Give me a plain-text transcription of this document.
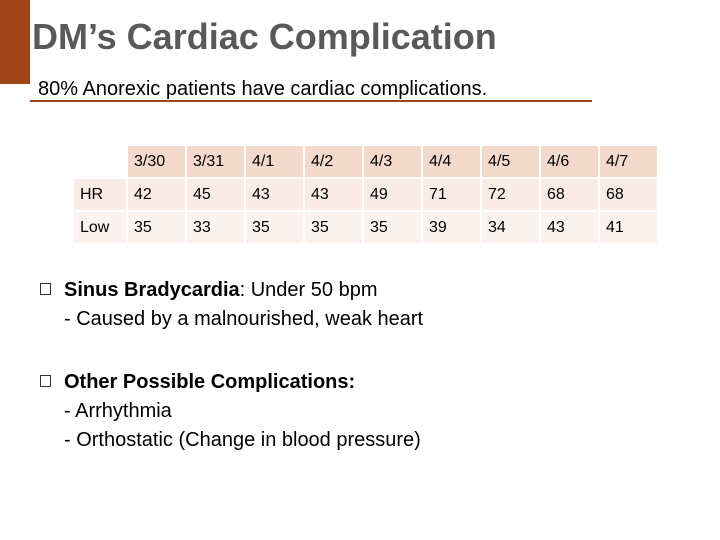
DM’s Cardiac Complication
80% Anorexic patients have cardiac complications.
	3/30	3/31	4/1	4/2	4/3	4/4	4/5	4/6	4/7
HR	42	45	43	43	49	71	72	68	68
Low	35	33	35	35	35	39	34	43	41
Sinus Bradycardia: Under 50 bpm
- Caused by a malnourished, weak heart
Other Possible Complications:
- Arrhythmia
- Orthostatic (Change in blood pressure)
